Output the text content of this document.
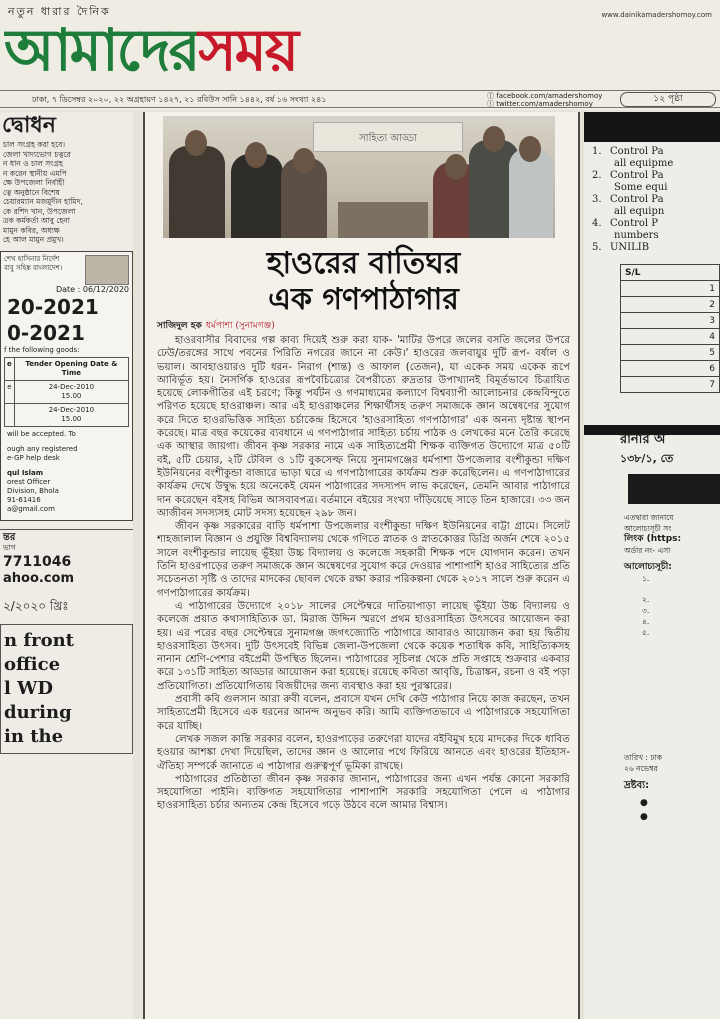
নতুন ধারার দৈনিক	www.dainikamadershomoy.com
আমাদেরসময়
ঢাকা, ৭ ডিসেম্বর ২০২০, ২২ অগ্রহায়ণ ১৪২৭, ২১ রবিউস সানি ১৪৪২, বর্ষ ১৬ সংখ্যা ২৪১	ⓕ facebook.com/amadershomoy
ⓣ twitter.com/amadershomoy	১২ পৃষ্ঠা
দ্বোধন
চাল সংগ্রহ করা হবে।
জেলা খাদ্যভোগ চত্বরে
ন ধান ও চাল সংগ্রহ
ন করেন স্থানীয় এমপি
ক্ষে উপজেলা নির্বাহী
ত্বে অনুষ্ঠানে বিশেষ
চেয়ারম্যান মজমুদীন হামিদ,
কে রশিদ খান, উপজেলা
ত্রক কর্মকর্তা আবু হেনা
মামুন কবির, অধ্যক্ষ
হে আল মামুন প্রমুখ।
শেখ হাসিনার নির্দেশ
বাবু সহিঙ্ক বাংলাদেশ।
Date : 06/12/2020
20-2021
0-2021
f the following goods:
e	Tender Opening Date & Time
e	24-Dec-2010
15.00

	24-Dec-2010
15.00
will be accepted. To
ough any registered
e-GP help desk
qul Islam
orest Officer
Division, Bhola
91-61416
a@gmail.com
ন্তর
ভাগ
7711046
ahoo.com
২/২০২০ খ্রিঃ
n front
office
l WD
during
in the
সাহিত্য আড্ডা
হাওরের বাতিঘর
এক গণপাঠাগার
সাজিদুল হক ধর্মপাশা (সুনামগঞ্জ)

হাওরবাসীর বিবাদের গল্প কাব্য দিয়েই শুরু করা যাক- 'মাটির উপরে জলের বসতি জলের উপরে ঢেউ/তরঙ্গের সাথে পবনের পিরিতি নগরের জানে না কেউ।' হাওরের জলবায়ুর দুটি রূপ- বর্ষাল ও ভয়াল। আবহাওয়ারও দুটি ধরন- নিরাগ (শান্ত) ও আফাল (তেজন), যা একেক সময় একেক রূপে আবির্ভূত হয়। নৈসর্গিক হাওরের রূপবৈচিত্র্যের বৈপরীত্যে রুদ্রতার উপাখ্যানই বিমূর্তভাবে চিত্রায়িত হয়েছে লোকগীতির এই চরণে; কিন্তু পর্যটন ও গণমাধ্যমের কল্যাণে বিশ্বব্যাপী আলোচনার কেন্দ্রবিন্দুতে পরিণত হয়েছে হাওরাঞ্চল। আর এই হাওরাঞ্চলের শিক্ষার্থীসহ তরুণ সমাজকে জ্ঞান অন্বেষণের সুযোগ করে দিতে হাওরভিত্তিক সাহিত্য চর্চাকেন্দ্র হিসেবে 'হাওরসাহিত্য গণপাঠাগার' এক অনন্য দৃষ্টান্ত স্থাপন করেছে। মাত্র বছর কয়েকের ব্যবধানে এ গণপাঠাগার সাহিত্য চর্চায় পাঠক ও লেখকের মনে তৈরি করেছে এক আস্থার জায়গা। জীবন কৃষ্ণ সরকার নামে এক সাহিত্যপ্রেমী শিক্ষক ব্যক্তিগত উদ্যোগে মাত্র ৫০টি বই, ৫টি চেয়ার, ২টি টেবিল ও ১টি বুকসেল্ফ নিয়ে সুনামগঞ্জের ধর্মপাশা উপজেলার বংশীকুন্ডা দক্ষিণ ইউনিয়নের বংশীকুন্ডা বাজারে ভাড়া ঘরে এ গণপাঠাগারের কার্যক্রম শুরু করেছিলেন। এ গণপাঠাগারের কার্যক্রম দেখে উদ্বুদ্ধ হয়ে অনেকেই যেমন পাঠাগারের সদস্যপদ লাভ করেছেন, তেমনি আবার পাঠাগারে দান করেছেন বইসহ বিভিন্ন আসবাবপত্র। বর্তমানে বইয়ের সংখ্যা দাঁড়িয়েছে সাড়ে তিন হাজারে। ৩৩ জন আজীবন সদস্যসহ মোট সদস্য হয়েছেন ২৯৮ জন।

জীবন কৃষ্ণ সরকারের বাড়ি ধর্মপাশা উপজেলার বংশীকুন্ডা দক্ষিণ ইউনিয়নের বাট্টা গ্রামে। সিলেট শাহজালাল বিজ্ঞান ও প্রযুক্তি বিশ্ববিদ্যালয় থেকে গণিতে স্নাতক ও স্নাতকোত্তর ডিগ্রি অর্জন শেষে ২০১৫ সালে বংশীকুন্ডার লায়েছ ভূঁইয়া উচ্চ বিদ্যালয় ও কলেজে সহকারী শিক্ষক পদে যোগদান করেন। তখন তিনি হাওরপাড়ের তরুণ সমাজকে জ্ঞান অন্বেষণের সুযোগ করে দেওয়ার পাশাপাশি হাওর সাহিত্যের প্রতি সচেতনতা সৃষ্টি ও তাদের মাদকের ছোবল থেকে রক্ষা করার পরিকল্পনা থেকে ২০১৭ সালে শুরু করেন এ গণপাঠাগারের কার্যক্রম।

এ পাঠাগারের উদ্যোগে ২০১৮ সালের সেপ্টেম্বরে দাতিয়াপাড়া লায়েছ ভূঁইয়া উচ্চ বিদ্যালয় ও কলেজে প্রয়াত কথাসাহিত্যিক ডা. মিরাজ উদ্দিন স্মরণে প্রথম হাওরসাহিত্য উৎসবের আয়োজন করা হয়। এর পরের বছর সেপ্টেম্বরে সুনামগঞ্জ জগৎজ্যোতি পাঠাগারে আবারও আয়োজন করা হয় দ্বিতীয় হাওরসাহিত্য উৎসব। দুটি উৎসবেই বিভিন্ন জেলা-উপজেলা থেকে কয়েক শতাধিক কবি, সাহিত্যিকসহ নানান শ্রেণি-পেশার বইপ্রেমী উপস্থিত ছিলেন। পাঠাগারের সূচিলগ্ন থেকে প্রতি সপ্তাহে শুক্রবার একবার করে ১৩১টি সাহিত্য আড্ডার আয়োজন করা হয়েছে। রয়েছে কবিতা আবৃত্তি, চিত্রাঙ্কন, রচনা ও বই পড়া প্রতিযোগিতা। প্রতিযোগিতায় বিজয়ীদের জন্য ব্যবস্থাও করা হয় পুরস্কারের।

প্রবাসী কবি গুলসান আরা রুবী বলেন, প্রবাসে যখন দেখি কেউ পাঠাগার নিয়ে কাজ করছেন, তখন সাহিত্যপ্রেমী হিসেবে এক ধরনের আনন্দ অনুভব করি। আমি ব্যক্তিগতভাবে এ পাঠাগারকে সহযোগিতা করে যাচ্ছি।

লেখক সজল কান্তি সরকার বলেন, হাওরপাড়ের তরুণেরা যাদের বইবিমুখ হয়ে মাদকের দিকে ধাবিত হওয়ার আশঙ্কা দেখা দিয়েছিল, তাদের জ্ঞান ও আলোর পথে ফিরিয়ে আনতে এবং হাওরের ইতিহাস-ঐতিহ্য সম্পর্কে জানাতে এ পাঠাগার গুরুত্বপূর্ণ ভূমিকা রাখছে।

পাঠাগারের প্রতিষ্ঠাতা জীবন কৃষ্ণ সরকার জানান, পাঠাগারের জন্য এখন পর্যন্ত কোনো সরকারি সহযোগিতা পাইনি। ব্যক্তিগত সহযোগিতার পাশাপাশি সরকারি সহযোগিতা পেলে এ পাঠাগার হাওরসাহিত্য চর্চার অন্যতম কেন্দ্র হিসেবে গড়ে উঠবে বলে আমার বিশ্বাস।

1. Control Pa
all equipme
2. Control Pa
Some equi
3. Control Pa
all equipn
4. Control P
numbers
5. UNILIB
S/L
1
2
3
4
5
6
7
রানার অ
১৩৮/১, তে
এতদ্বারা জানাযে
আলোচ্যসূচী সং
লিংক (https:
অর্ডার নং- এসা
আলোচ্যসূচী:
১.
২.
৩.
৪.
৫.
তারিখ : ঢাক
২৬ নভেম্বর
দ্রষ্টব্য:
●
●
